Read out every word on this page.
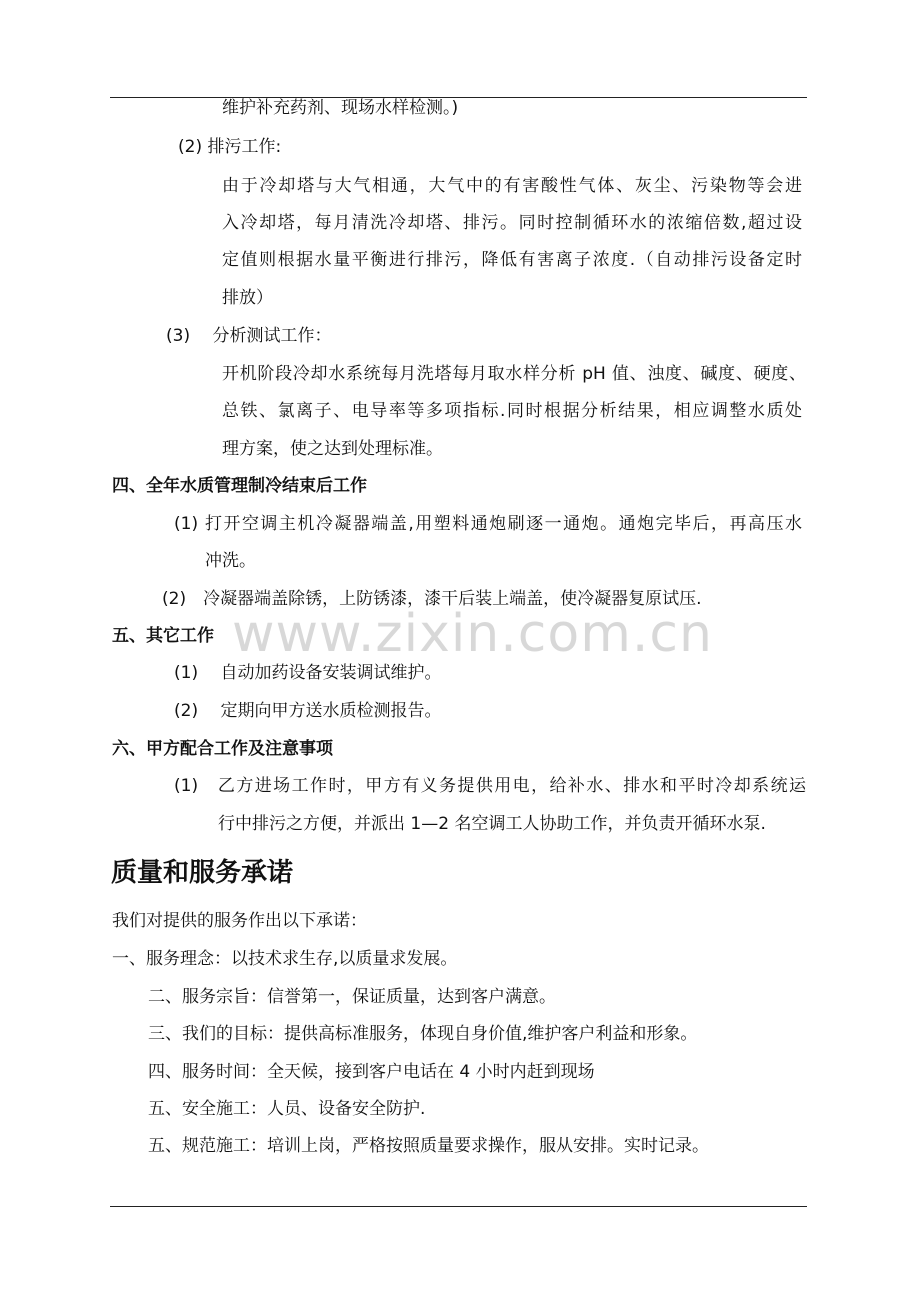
维护补充药剂、现场水样检测。)
(2) 排污工作:
由于冷却塔与大气相通，大气中的有害酸性气体、灰尘、污染物等会进
入冷却塔，每月清洗冷却塔、排污。同时控制循环水的浓缩倍数,超过设
定值则根据水量平衡进行排污，降低有害离子浓度.（自动排污设备定时
排放）
(3)　 分析测试工作：
开机阶段冷却水系统每月洗塔每月取水样分析 pH 值、浊度、碱度、硬度、
总铁、氯离子、电导率等多项指标.同时根据分析结果，相应调整水质处
理方案，使之达到处理标准。
四、全年水质管理制冷结束后工作
(1) 打开空调主机冷凝器端盖,用塑料通炮刷逐一通炮。通炮完毕后，再高压水
冲洗。
(2)　冷凝器端盖除锈，上防锈漆，漆干后装上端盖，使冷凝器复原试压.
www.zixin.com.cn
五、其它工作
(1)　 自动加药设备安装调试维护。
(2)　 定期向甲方送水质检测报告。
六、甲方配合工作及注意事项
(1)　乙方进场工作时，甲方有义务提供用电，给补水、排水和平时冷却系统运
行中排污之方便，并派出 1—2 名空调工人协助工作，并负责开循环水泵.
质量和服务承诺
我们对提供的服务作出以下承诺：
一、服务理念：以技术求生存,以质量求发展。
二、服务宗旨：信誉第一，保证质量，达到客户满意。
三、我们的目标：提供高标准服务，体现自身价值,维护客户利益和形象。
四、服务时间：全天候，接到客户电话在 4 小时内赶到现场
五、安全施工：人员、设备安全防护.
五、规范施工：培训上岗，严格按照质量要求操作，服从安排。实时记录。
